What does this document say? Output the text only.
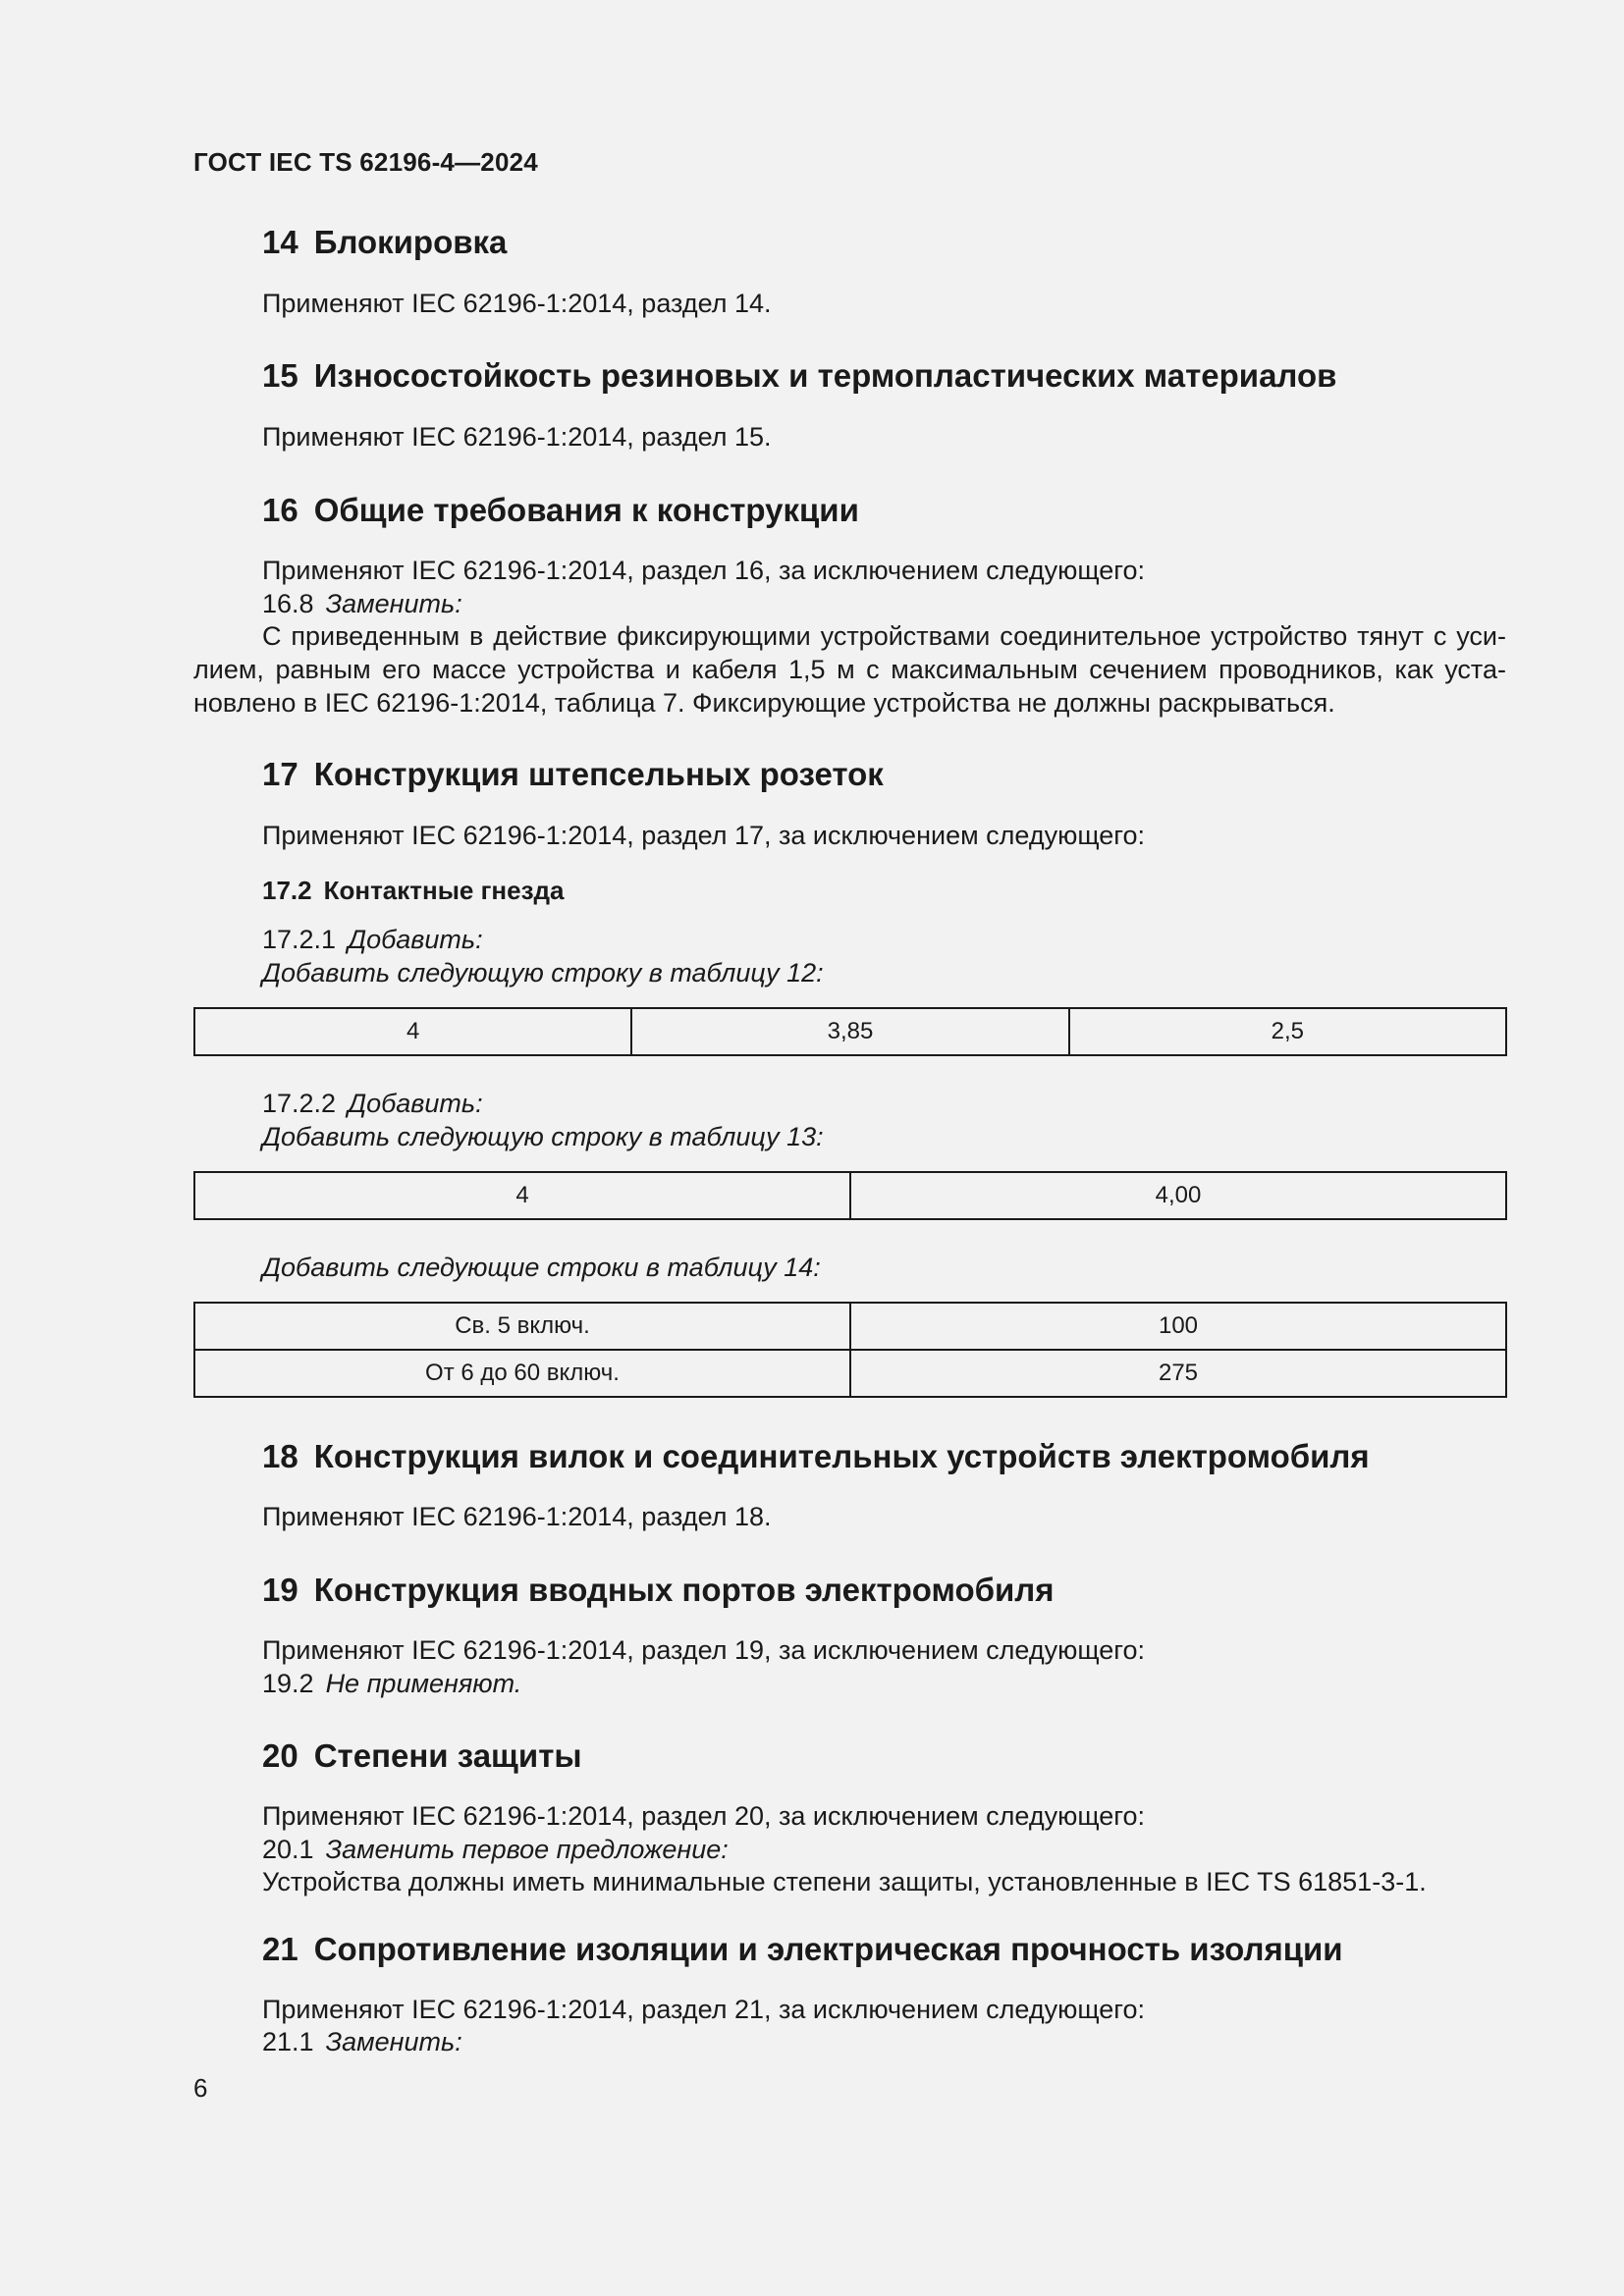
ГОСТ IEC TS 62196-4—2024
14 Блокировка
Применяют IEC 62196-1:2014, раздел 14.
15 Износостойкость резиновых и термопластических материалов
Применяют IEC 62196-1:2014, раздел 15.
16 Общие требования к конструкции
Применяют IEC 62196-1:2014, раздел 16, за исключением следующего:
16.8 Заменить:
С приведенным в действие фиксирующими устройствами соединительное устройство тянут с уси-
лием, равным его массе устройства и кабеля 1,5 м с максимальным сечением проводников, как уста-
новлено в IEC 62196-1:2014, таблица 7. Фиксирующие устройства не должны раскрываться.
17 Конструкция штепсельных розеток
Применяют IEC 62196-1:2014, раздел 17, за исключением следующего:
17.2 Контактные гнезда
17.2.1 Добавить:
Добавить следующую строку в таблицу 12:
4	3,85	2,5
17.2.2 Добавить:
Добавить следующую строку в таблицу 13:
4	4,00
Добавить следующие строки в таблицу 14:
Св. 5 включ.	100
От 6 до 60 включ.	275
18 Конструкция вилок и соединительных устройств электромобиля
Применяют IEC 62196-1:2014, раздел 18.
19 Конструкция вводных портов электромобиля
Применяют IEC 62196-1:2014, раздел 19, за исключением следующего:
19.2 Не применяют.
20 Степени защиты
Применяют IEC 62196-1:2014, раздел 20, за исключением следующего:
20.1 Заменить первое предложение:
Устройства должны иметь минимальные степени защиты, установленные в IEC TS 61851-3-1.
21 Сопротивление изоляции и электрическая прочность изоляции
Применяют IEC 62196-1:2014, раздел 21, за исключением следующего:
21.1 Заменить:
6
